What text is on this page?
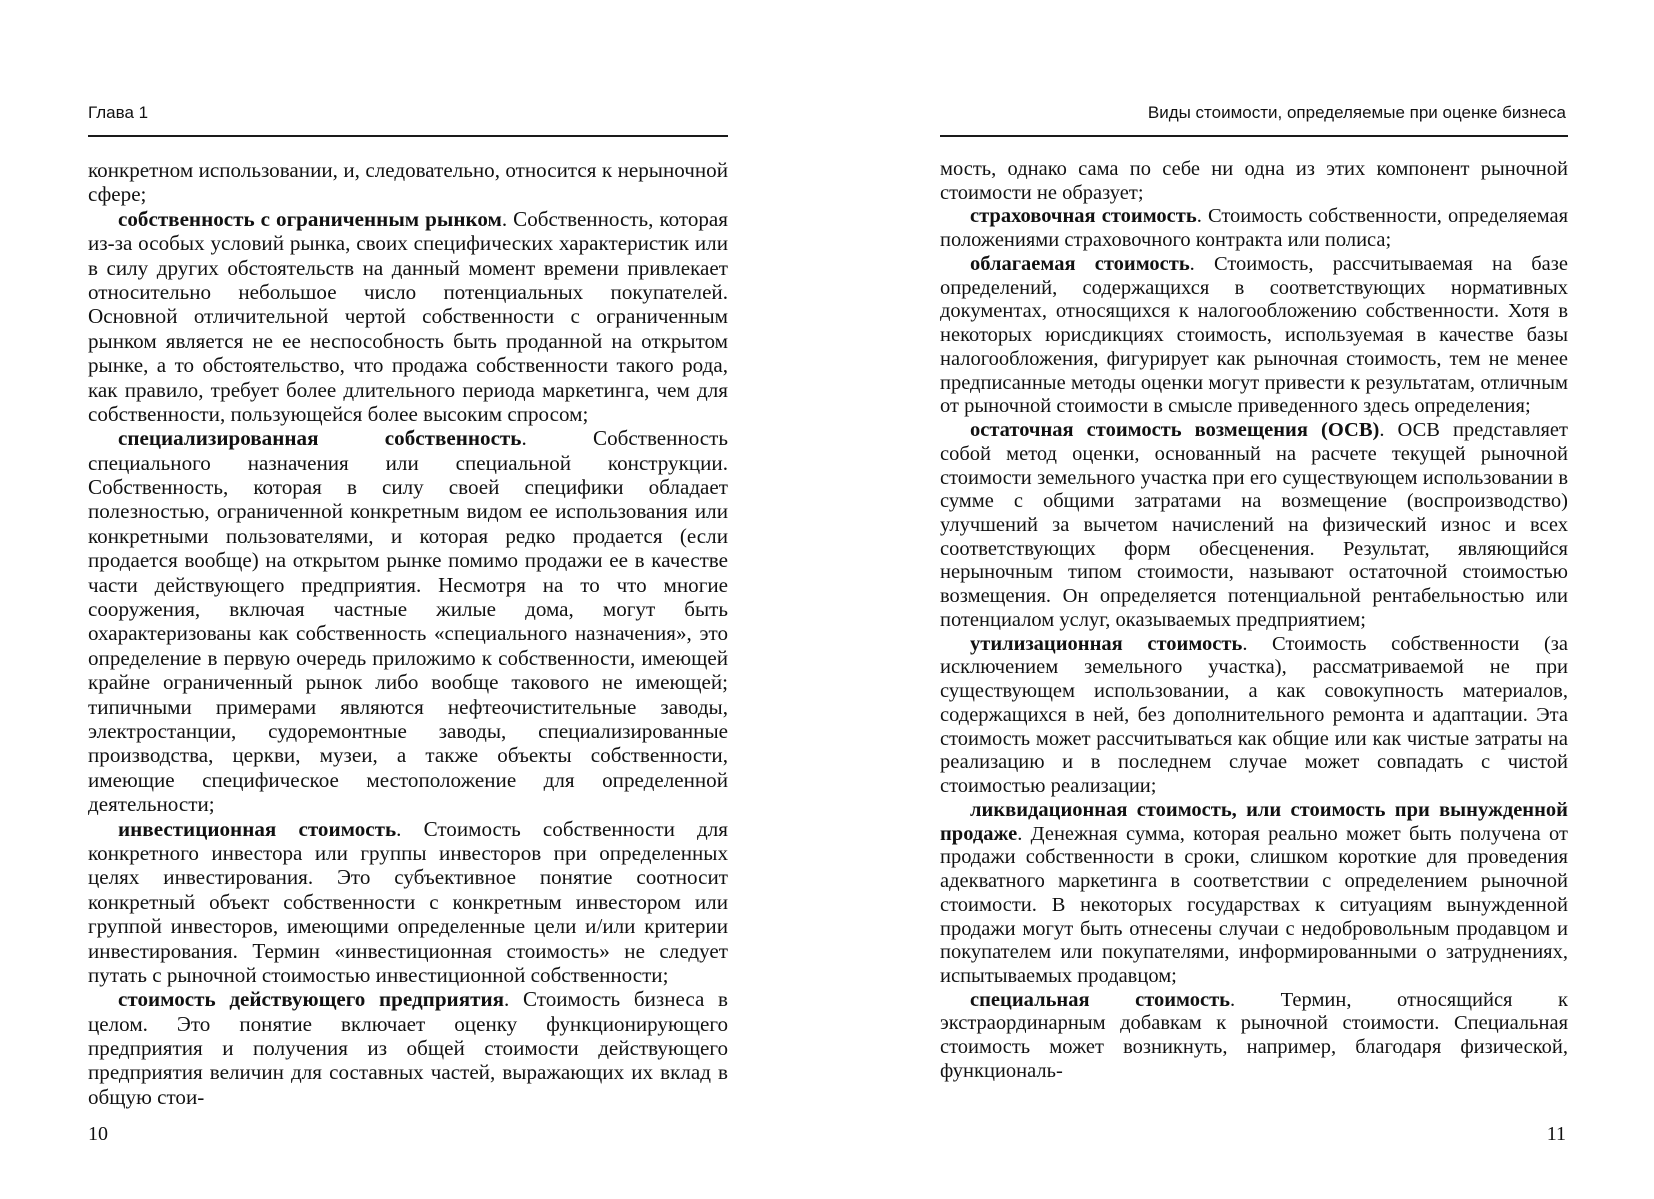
Глава 1

конкретном использовании, и, следовательно, относится к нерыночной сфере;

собственность с ограниченным рынком. Собственность, которая из-за особых условий рынка, своих специфических характеристик или в силу других обстоятельств на данный момент времени привлекает относительно небольшое число потенциальных покупателей. Основной отличительной чертой собственности с ограниченным рынком является не ее неспособность быть проданной на открытом рынке, а то обстоятельство, что продажа собственности такого рода, как правило, требует более длительного периода маркетинга, чем для собственности, пользующейся более высоким спросом;

специализированная собственность. Собственность специального назначения или специальной конструкции. Собственность, которая в силу своей специфики обладает полезностью, ограниченной конкретным видом ее использования или конкретными пользователями, и которая редко продается (если продается вообще) на открытом рынке помимо продажи ее в качестве части действующего предприятия. Несмотря на то что многие сооружения, включая частные жилые дома, могут быть охарактеризованы как собственность «специального назначения», это определение в первую очередь приложимо к собственности, имеющей крайне ограниченный рынок либо вообще такового не имеющей; типичными примерами являются нефтеочистительные заводы, электростанции, судоремонтные заводы, специализированные производства, церкви, музеи, а также объекты собственности, имеющие специфическое местоположение для определенной деятельности;

инвестиционная стоимость. Стоимость собственности для конкретного инвестора или группы инвесторов при определенных целях инвестирования. Это субъективное понятие соотносит конкретный объект собственности с конкретным инвестором или группой инвесторов, имеющими определенные цели и/или критерии инвестирования. Термин «инвестиционная стоимость» не следует путать с рыночной стоимостью инвестиционной собственности;

стоимость действующего предприятия. Стоимость бизнеса в целом. Это понятие включает оценку функционирующего предприятия и получения из общей стоимости действующего предприятия величин для составных частей, выражающих их вклад в общую стои-

10
Виды стоимости, определяемые при оценке бизнеса

мость, однако сама по себе ни одна из этих компонент рыночной стоимости не образует;

страховочная стоимость. Стоимость собственности, определяемая положениями страховочного контракта или полиса;

облагаемая стоимость. Стоимость, рассчитываемая на базе определений, содержащихся в соответствующих нормативных документах, относящихся к налогообложению собственности. Хотя в некоторых юрисдикциях стоимость, используемая в качестве базы налогообложения, фигурирует как рыночная стоимость, тем не менее предписанные методы оценки могут привести к результатам, отличным от рыночной стоимости в смысле приведенного здесь определения;

остаточная стоимость возмещения (ОСВ). ОСВ представляет собой метод оценки, основанный на расчете текущей рыночной стоимости земельного участка при его существующем использовании в сумме с общими затратами на возмещение (воспроизводство) улучшений за вычетом начислений на физический износ и всех соответствующих форм обесценения. Результат, являющийся нерыночным типом стоимости, называют остаточной стоимостью возмещения. Он определяется потенциальной рентабельностью или потенциалом услуг, оказываемых предприятием;

утилизационная стоимость. Стоимость собственности (за исключением земельного участка), рассматриваемой не при существующем использовании, а как совокупность материалов, содержащихся в ней, без дополнительного ремонта и адаптации. Эта стоимость может рассчитываться как общие или как чистые затраты на реализацию и в последнем случае может совпадать с чистой стоимостью реализации;

ликвидационная стоимость, или стоимость при вынужденной продаже. Денежная сумма, которая реально может быть получена от продажи собственности в сроки, слишком короткие для проведения адекватного маркетинга в соответствии с определением рыночной стоимости. В некоторых государствах к ситуациям вынужденной продажи могут быть отнесены случаи с недобровольным продавцом и покупателем или покупателями, информированными о затруднениях, испытываемых продавцом;

специальная стоимость. Термин, относящийся к экстраординарным добавкам к рыночной стоимости. Специальная стоимость может возникнуть, например, благодаря физической, функциональ-

11
